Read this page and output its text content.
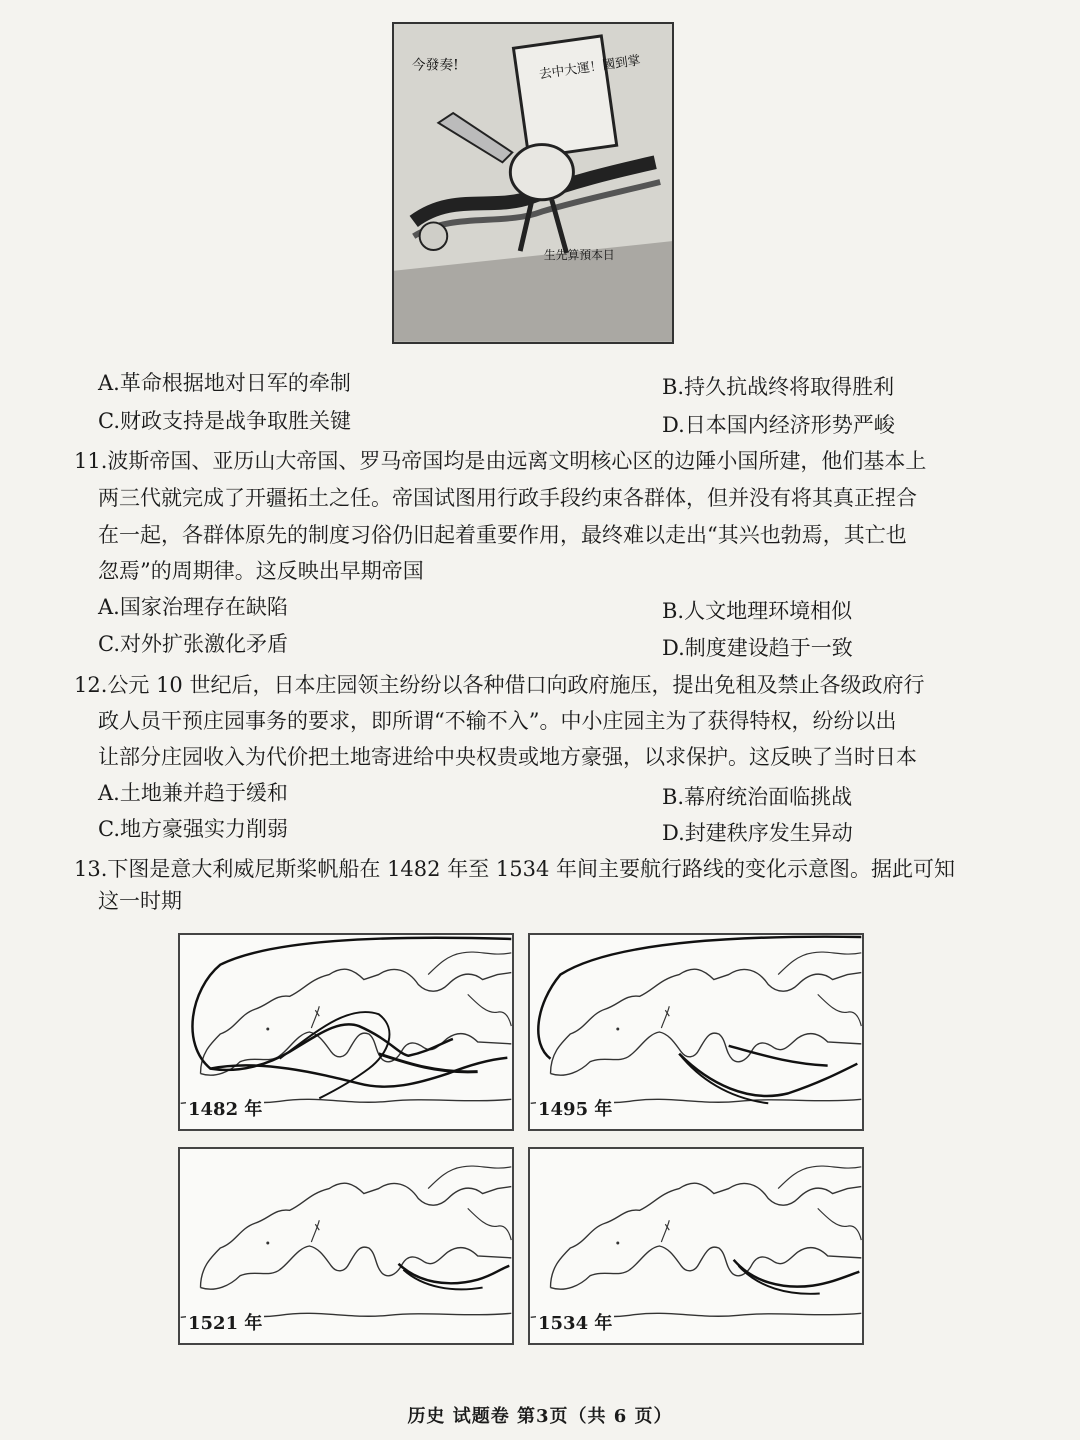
去中大運！國到掌
今發奏!
生先算預本日
A.革命根据地对日军的牵制	B.持久抗战终将取得胜利
C.财政支持是战争取胜关键	D.日本国内经济形势严峻
11.波斯帝国、亚历山大帝国、罗马帝国均是由远离文明核心区的边陲小国所建，他们基本上
两三代就完成了开疆拓土之任。帝国试图用行政手段约束各群体，但并没有将其真正捏合
在一起，各群体原先的制度习俗仍旧起着重要作用，最终难以走出“其兴也勃焉，其亡也
忽焉”的周期律。这反映出早期帝国
A.国家治理存在缺陷	B.人文地理环境相似
C.对外扩张激化矛盾	D.制度建设趋于一致
12.公元 10 世纪后，日本庄园领主纷纷以各种借口向政府施压，提出免租及禁止各级政府行
政人员干预庄园事务的要求，即所谓“不输不入”。中小庄园主为了获得特权，纷纷以出
让部分庄园收入为代价把土地寄进给中央权贵或地方豪强，以求保护。这反映了当时日本
A.土地兼并趋于缓和	B.幕府统治面临挑战
C.地方豪强实力削弱	D.封建秩序发生异动
13.下图是意大利威尼斯桨帆船在 1482 年至 1534 年间主要航行路线的变化示意图。据此可知
这一时期
1482 年	1495 年
1521 年	1534 年
历史 试题卷 第3页（共 6 页）
